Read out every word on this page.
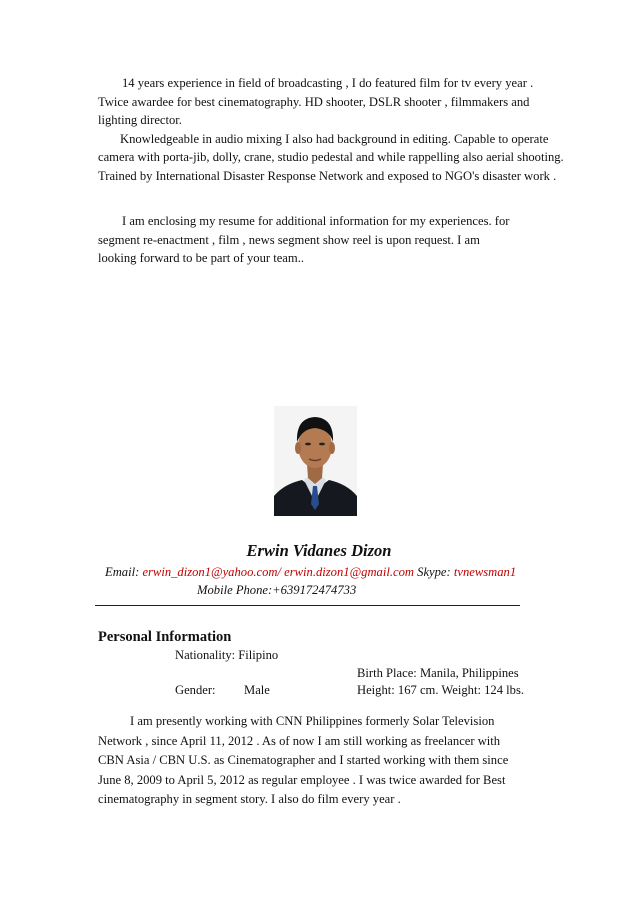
14 years experience in field of broadcasting , I do featured film for tv every year .
Twice awardee for best cinematography. HD shooter, DSLR shooter , filmmakers and
lighting director.
Knowledgeable in audio mixing I also had background in editing. Capable to operate
camera with porta-jib, dolly, crane, studio pedestal and while rappelling also aerial shooting.
Trained by International Disaster Response Network and exposed to NGO's disaster work .
I am enclosing my resume for additional information for my experiences. for
segment re-enactment , film , news segment show reel is upon request. I am
looking forward to be part of your team..
Erwin Vidanes Dizon
Email: erwin_dizon1@yahoo.com/ erwin.dizon1@gmail.com Skype: tvnewsman1
Mobile Phone:+639172474733
Personal Information
Nationality: Filipino
Birth Place: Manila, Philippines
Gender: Male	Height: 167 cm. Weight: 124 lbs.
I am presently working with CNN Philippines formerly Solar Television
Network , since April 11, 2012 . As of now I am still working as freelancer with
CBN Asia / CBN U.S. as Cinematographer and I started working with them since
June 8, 2009 to April 5, 2012 as regular employee . I was twice awarded for Best
cinematography in segment story. I also do film every year .
